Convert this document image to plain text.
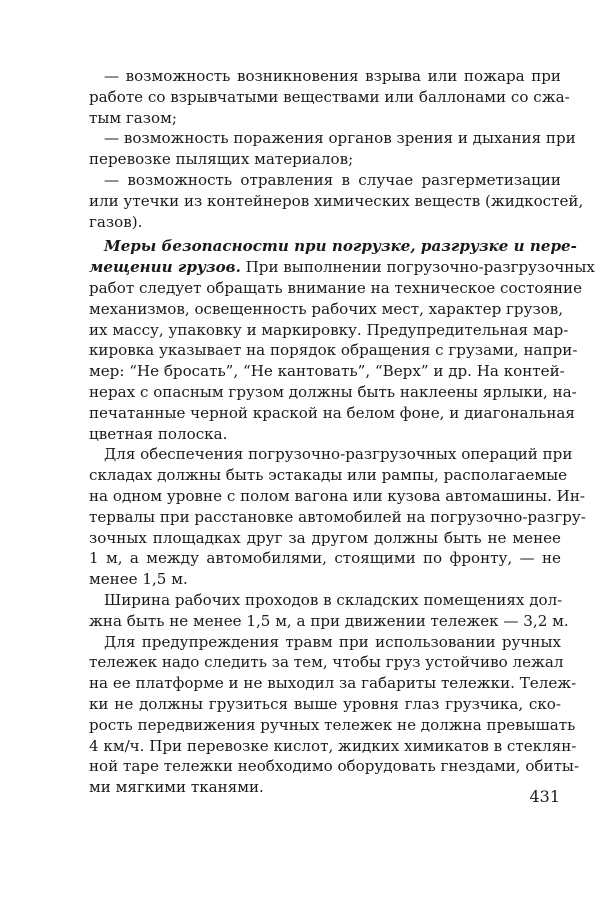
— возможность возникновения взрыва или пожара при
работе со взрывчатыми веществами или баллонами со сжа-
тым газом;
— возможность поражения органов зрения и дыхания при
перевозке пылящих материалов;
— возможность отравления в случае разгерметизации
или утечки из контейнеров химических веществ (жидкостей,
газов).
Меры безопасности при погрузке, разгрузке и пере-
мещении грузов. При выполнении погрузочно-разгрузочных
работ следует обращать внимание на техническое состояние
механизмов, освещенность рабочих мест, характер грузов,
их массу, упаковку и маркировку. Предупредительная мар-
кировка указывает на порядок обращения с грузами, напри-
мер: “Не бросать”, “Не кантовать”, “Верх” и др. На контей-
нерах с опасным грузом должны быть наклеены ярлыки, на-
печатанные черной краской на белом фоне, и диагональная
цветная полоска.
Для обеспечения погрузочно-разгрузочных операций при
складах должны быть эстакады или рампы, располагаемые
на одном уровне с полом вагона или кузова автомашины. Ин-
тервалы при расстановке автомобилей на погрузочно-разгру-
зочных площадках друг за другом должны быть не менее
1 м, а между автомобилями, стоящими по фронту, — не
менее 1,5 м.
Ширина рабочих проходов в складских помещениях дол-
жна быть не менее 1,5 м, а при движении тележек — 3,2 м.
Для предупреждения травм при использовании ручных
тележек надо следить за тем, чтобы груз устойчиво лежал
на ее платформе и не выходил за габариты тележки. Тележ-
ки не должны грузиться выше уровня глаз грузчика, ско-
рость передвижения ручных тележек не должна превышать
4 км/ч. При перевозке кислот, жидких химикатов в стеклян-
ной таре тележки необходимо оборудовать гнездами, обиты-
ми мягкими тканями.	431
